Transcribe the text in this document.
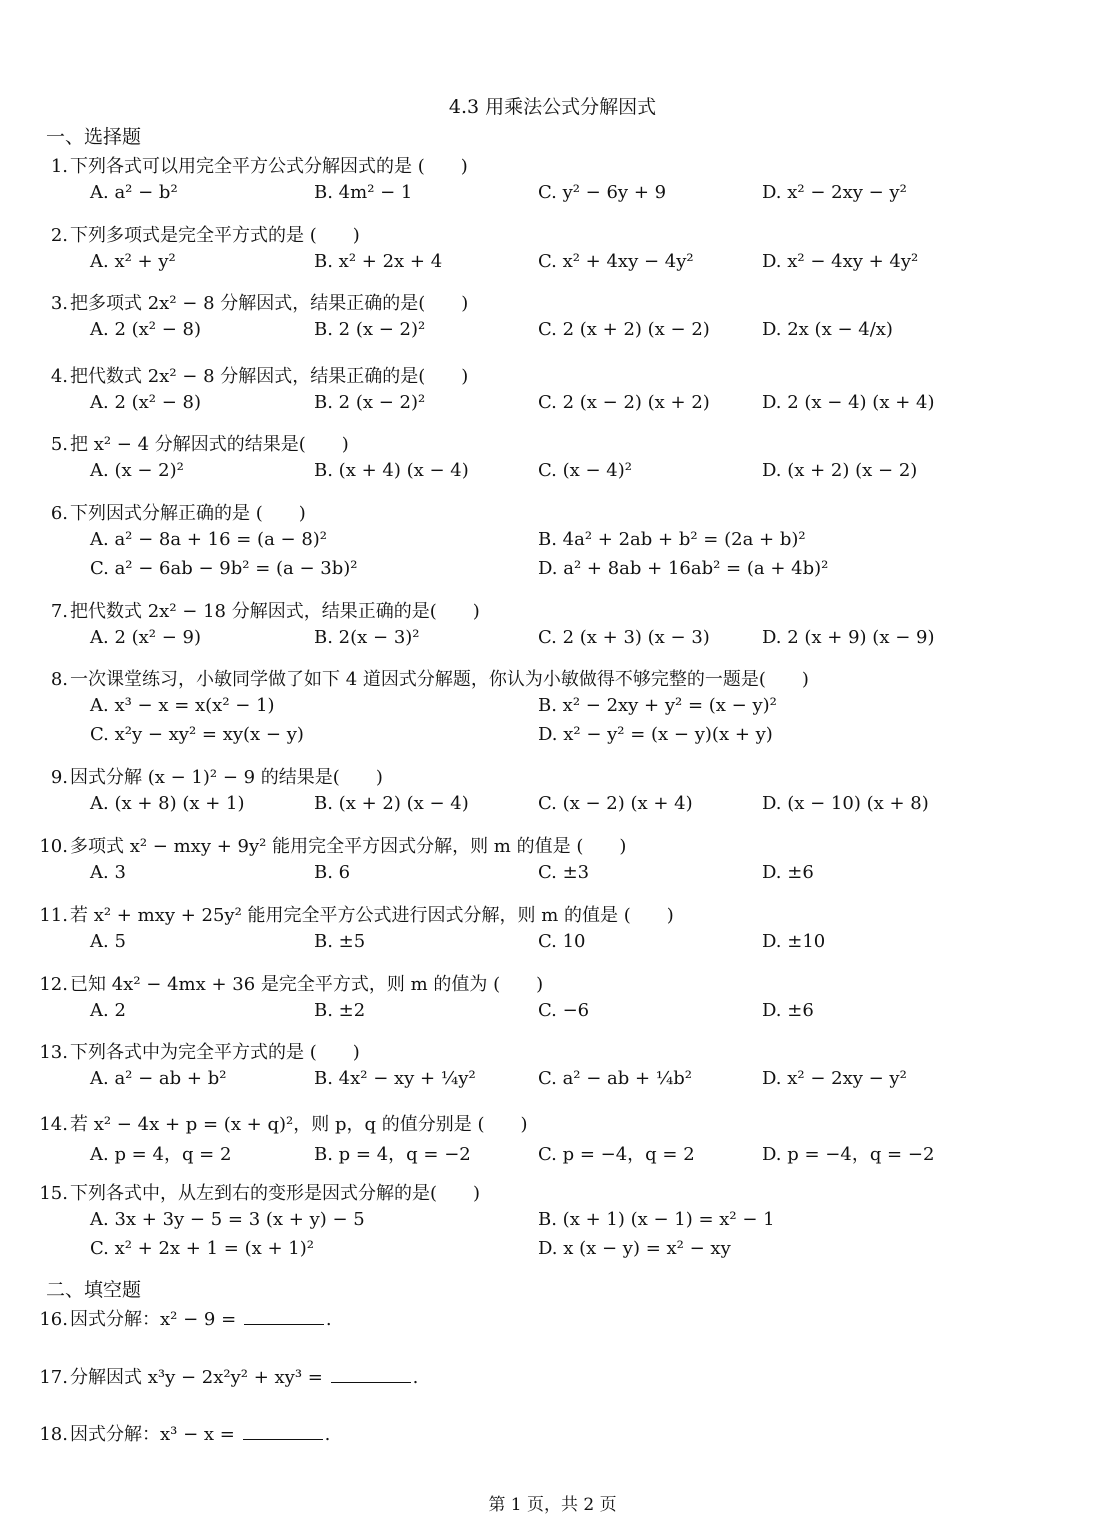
4.3 用乘法公式分解因式
一、选择题
1. 下列各式可以用完全平方公式分解因式的是 (　　)
A. a² − b²	B. 4m² − 1	C. y² − 6y + 9	D. x² − 2xy − y²
2. 下列多项式是完全平方式的是 (　　)
A. x² + y²	B. x² + 2x + 4	C. x² + 4xy − 4y²	D. x² − 4xy + 4y²
3. 把多项式 2x² − 8 分解因式，结果正确的是(　　)
A. 2 (x² − 8)	B. 2 (x − 2)²	C. 2 (x + 2) (x − 2)	D. 2x (x − 4/x)
4. 把代数式 2x² − 8 分解因式，结果正确的是(　　)
A. 2 (x² − 8)	B. 2 (x − 2)²	C. 2 (x − 2) (x + 2)	D. 2 (x − 4) (x + 4)
5. 把 x² − 4 分解因式的结果是(　　)
A. (x − 2)²	B. (x + 4) (x − 4)	C. (x − 4)²	D. (x + 2) (x − 2)
6. 下列因式分解正确的是 (　　)
A. a² − 8a + 16 = (a − 8)²	B. 4a² + 2ab + b² = (2a + b)²
C. a² − 6ab − 9b² = (a − 3b)²	D. a² + 8ab + 16ab² = (a + 4b)²
7. 把代数式 2x² − 18 分解因式，结果正确的是(　　)
A. 2 (x² − 9)	B. 2(x − 3)²	C. 2 (x + 3) (x − 3)	D. 2 (x + 9) (x − 9)
8. 一次课堂练习，小敏同学做了如下 4 道因式分解题，你认为小敏做得不够完整的一题是(　　)
A. x³ − x = x(x² − 1)	B. x² − 2xy + y² = (x − y)²
C. x²y − xy² = xy(x − y)	D. x² − y² = (x − y)(x + y)
9. 因式分解 (x − 1)² − 9 的结果是(　　)
A. (x + 8) (x + 1)	B. (x + 2) (x − 4)	C. (x − 2) (x + 4)	D. (x − 10) (x + 8)
10. 多项式 x² − mxy + 9y² 能用完全平方因式分解，则 m 的值是 (　　)
A. 3	B. 6	C. ±3	D. ±6
11. 若 x² + mxy + 25y² 能用完全平方公式进行因式分解，则 m 的值是 (　　)
A. 5	B. ±5	C. 10	D. ±10
12. 已知 4x² − 4mx + 36 是完全平方式，则 m 的值为 (　　)
A. 2	B. ±2	C. −6	D. ±6
13. 下列各式中为完全平方式的是 (　　)
A. a² − ab + b²	B. 4x² − xy + ¼y²	C. a² − ab + ¼b²	D. x² − 2xy − y²
14. 若 x² − 4x + p = (x + q)²，则 p，q 的值分别是 (　　)
A. p = 4，q = 2	B. p = 4，q = −2	C. p = −4，q = 2	D. p = −4，q = −2
15. 下列各式中，从左到右的变形是因式分解的是(　　)
A. 3x + 3y − 5 = 3 (x + y) − 5	B. (x + 1) (x − 1) = x² − 1
C. x² + 2x + 1 = (x + 1)²	D. x (x − y) = x² − xy
二、填空题
16. 因式分解：x² − 9 =	.
17. 分解因式 x³y − 2x²y² + xy³ =	.
18. 因式分解：x³ − x =	.
第 1 页，共 2 页
